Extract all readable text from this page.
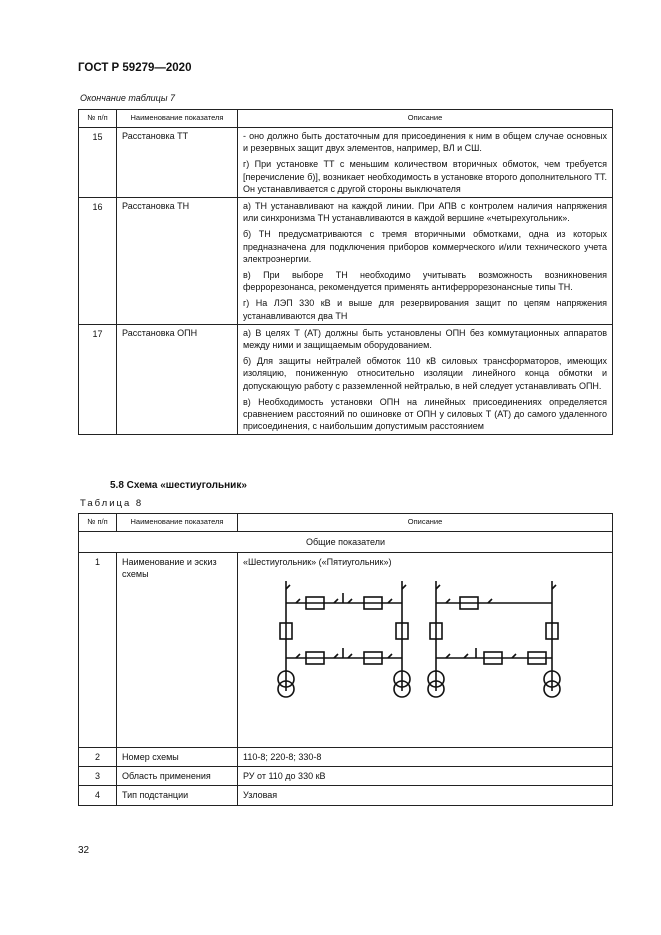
ГОСТ Р 59279—2020
Окончание таблицы 7
№ п/п	Наименование показателя	Описание

15	Расстановка ТТ	- оно должно быть достаточным для присоединения к ним в общем случае основных и резервных защит двух элементов, например, ВЛ и СШ.

г) При установке ТТ с меньшим количеством вторичных обмоток, чем требуется [перечисление б)], возникает необходимость в установке второго дополнительного ТТ. Он устанавливается с другой стороны выключателя

16	Расстановка ТН	а) ТН устанавливают на каждой линии. При АПВ с контролем наличия напряжения или синхронизма ТН устанавливаются в каждой вершине «четырехугольник».

б) ТН предусматриваются с тремя вторичными обмотками, одна из которых предназначена для подключения приборов коммерческого и/или технического учета электроэнергии.

в) При выборе ТН необходимо учитывать возможность возникновения феррорезонанса, рекомендуется применять антиферрорезонансные типы ТН.

г) На ЛЭП 330 кВ и выше для резервирования защит по цепям напряжения устанавливаются два ТН

17	Расстановка ОПН	а) В целях Т (АТ) должны быть установлены ОПН без коммутационных аппаратов между ними и защищаемым оборудованием.

б) Для защиты нейтралей обмоток 110 кВ силовых трансформаторов, имеющих изоляцию, пониженную относительно изоляции линейного конца обмотки и допускающую работу с разземленной нейтралью, в ней следует устанавливать ОПН.

в) Необходимость установки ОПН на линейных присоединениях определяется сравнением расстояний по ошиновке от ОПН у силовых Т (АТ) до самого удаленного присоединения, с наибольшим допустимым расстоянием

5.8 Схема «шестиугольник»
Таблица 8
№ п/п	Наименование показателя	Описание
Общие показатели		

1	Наименование и эскиз схемы	«Шестиугольник» («Пятиугольник»)

2	Номер схемы	110-8; 220-8; 330-8

3	Область применения	РУ от 110 до 330 кВ

4	Тип подстанции	Узловая
32
